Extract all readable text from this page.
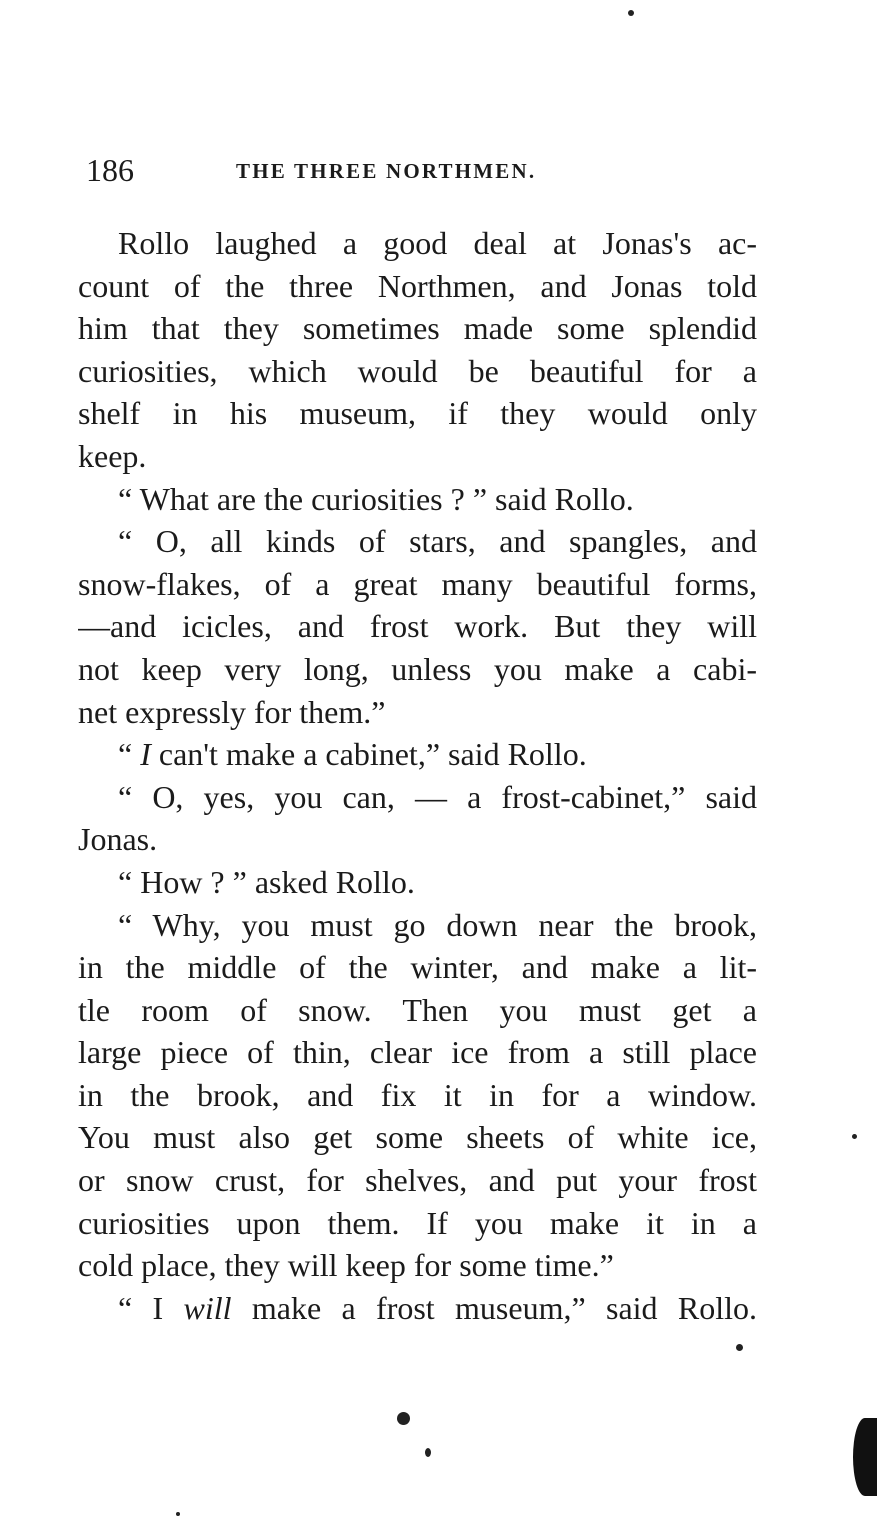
186	THE THREE NORTHMEN.
Rollo laughed a good deal at Jonas's ac-
count of the three Northmen, and Jonas told
him that they sometimes made some splendid
curiosities, which would be beautiful for a
shelf in his museum, if they would only
keep.
“ What are the curiosities ? ” said Rollo.
“ O, all kinds of stars, and spangles, and
snow-flakes, of a great many beautiful forms,
—and icicles, and frost work. But they will
not keep very long, unless you make a cabi-
net expressly for them.”
“ I can't make a cabinet,” said Rollo.
“ O, yes, you can, — a frost-cabinet,” said
Jonas.
“ How ? ” asked Rollo.
“ Why, you must go down near the brook,
in the middle of the winter, and make a lit-
tle room of snow. Then you must get a
large piece of thin, clear ice from a still place
in the brook, and fix it in for a window.
You must also get some sheets of white ice,
or snow crust, for shelves, and put your frost
curiosities upon them. If you make it in a
cold place, they will keep for some time.”
“ I will make a frost museum,” said Rollo.
